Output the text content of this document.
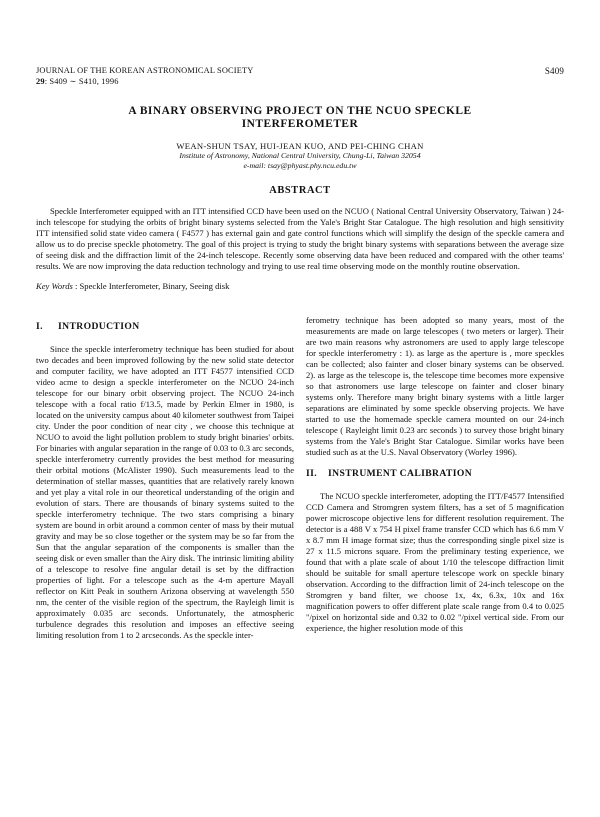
JOURNAL OF THE KOREAN ASTRONOMICAL SOCIETY
29: S409 ∼ S410, 1996
S409
A BINARY OBSERVING PROJECT ON THE NCUO SPECKLE
INTERFEROMETER
WEAN-SHUN TSAY, HUI-JEAN KUO, AND PEI-CHING CHAN
Institute of Astronomy, National Central University, Chung-Li, Taiwan 32054
e-mail: tsay@phyast.phy.ncu.edu.tw
ABSTRACT

Speckle Interferometer equipped with an ITT intensified CCD have been used on the NCUO ( National Central University Observatory, Taiwan ) 24-inch telescope for studying the orbits of bright binary systems selected from the Yale's Bright Star Catalogue. The high resolution and high sensitivity ITT intensified solid state video camera ( F4577 ) has external gain and gate control functions which will simplify the design of the speckle camera and allow us to do precise speckle photometry. The goal of this project is trying to study the bright binary systems with separations between the average size of seeing disk and the diffraction limit of the 24-inch telescope. Recently some observing data have been reduced and compared with the other teams' results. We are now improving the data reduction technology and trying to use real time observing mode on the monthly routine observation.

Key Words : Speckle Interferometer, Binary, Seeing disk
I. INTRODUCTION

Since the speckle interferometry technique has been studied for about two decades and been improved following by the new solid state detector and computer facility, we have adopted an ITT F4577 intensified CCD video acme to design a speckle interferometer on the NCUO 24-inch telescope for our binary orbit observing project. The NCUO 24-inch telescope with a focal ratio f/13.5, made by Perkin Elmer in 1980, is located on the university campus about 40 kilometer southwest from Taipei city. Under the poor condition of near city , we choose this technique at NCUO to avoid the light pollution problem to study bright binaries' orbits. For binaries with angular separation in the range of 0.03 to 0.3 arc seconds, speckle interferometry currently provides the best method for measuring their orbital motions (McAlister 1990). Such measurements lead to the determination of stellar masses, quantities that are relatively rarely known and yet play a vital role in our theoretical understanding of the origin and evolution of stars. There are thousands of binary systems suited to the speckle interferometry technique. The two stars comprising a binary system are bound in orbit around a common center of mass by their mutual gravity and may be so close together or the system may be so far from the Sun that the angular separation of the components is smaller than the seeing disk or even smaller than the Airy disk. The intrinsic limiting ability of a telescope to resolve fine angular detail is set by the diffraction properties of light. For a telescope such as the 4-m aperture Mayall reflector on Kitt Peak in southern Arizona observing at wavelength 550 nm, the center of the visible region of the spectrum, the Rayleigh limit is approximately 0.035 arc seconds. Unfortunately, the atmospheric turbulence degrades this resolution and imposes an effective seeing limiting resolution from 1 to 2 arcseconds. As the speckle inter-

ferometry technique has been adopted so many years, most of the measurements are made on large telescopes ( two meters or larger). Their are two main reasons why astronomers are used to apply large telescope for speckle interferometry : 1). as large as the aperture is , more speckles can be collected; also fainter and closer binary systems can be observed. 2). as large as the telescope is, the telescope time becomes more expensive so that astronomers use large telescope on fainter and closer binary systems only. Therefore many bright binary systems with a little larger separations are eliminated by some speckle observing projects. We have started to use the homemade speckle camera mounted on our 24-inch telescope ( Rayleight limit 0.23 arc seconds ) to survey those bright binary systems from the Yale's Bright Star Catalogue. Similar works have been studied such as at the U.S. Naval Observatory (Worley 1996).

II. INSTRUMENT CALIBRATION

The NCUO speckle interferometer, adopting the ITT/F4577 Intensified CCD Camera and Stromgren system filters, has a set of 5 magnification power microscope objective lens for different resolution requirement. The detector is a 488 V x 754 H pixel frame transfer CCD which has 6.6 mm V x 8.7 mm H image format size; thus the corresponding single pixel size is 27 x 11.5 microns square. From the preliminary testing experience, we found that with a plate scale of about 1/10 the telescope diffraction limit should be suitable for small aperture telescope work on speckle binary observation. According to the diffraction limit of 24-inch telescope on the Stromgren y band filter, we choose 1x, 4x, 6.3x, 10x and 16x magnification powers to offer different plate scale range from 0.4 to 0.025 "/pixel on horizontal side and 0.32 to 0.02 "/pixel vertical side. From our experience, the higher resolution mode of this
